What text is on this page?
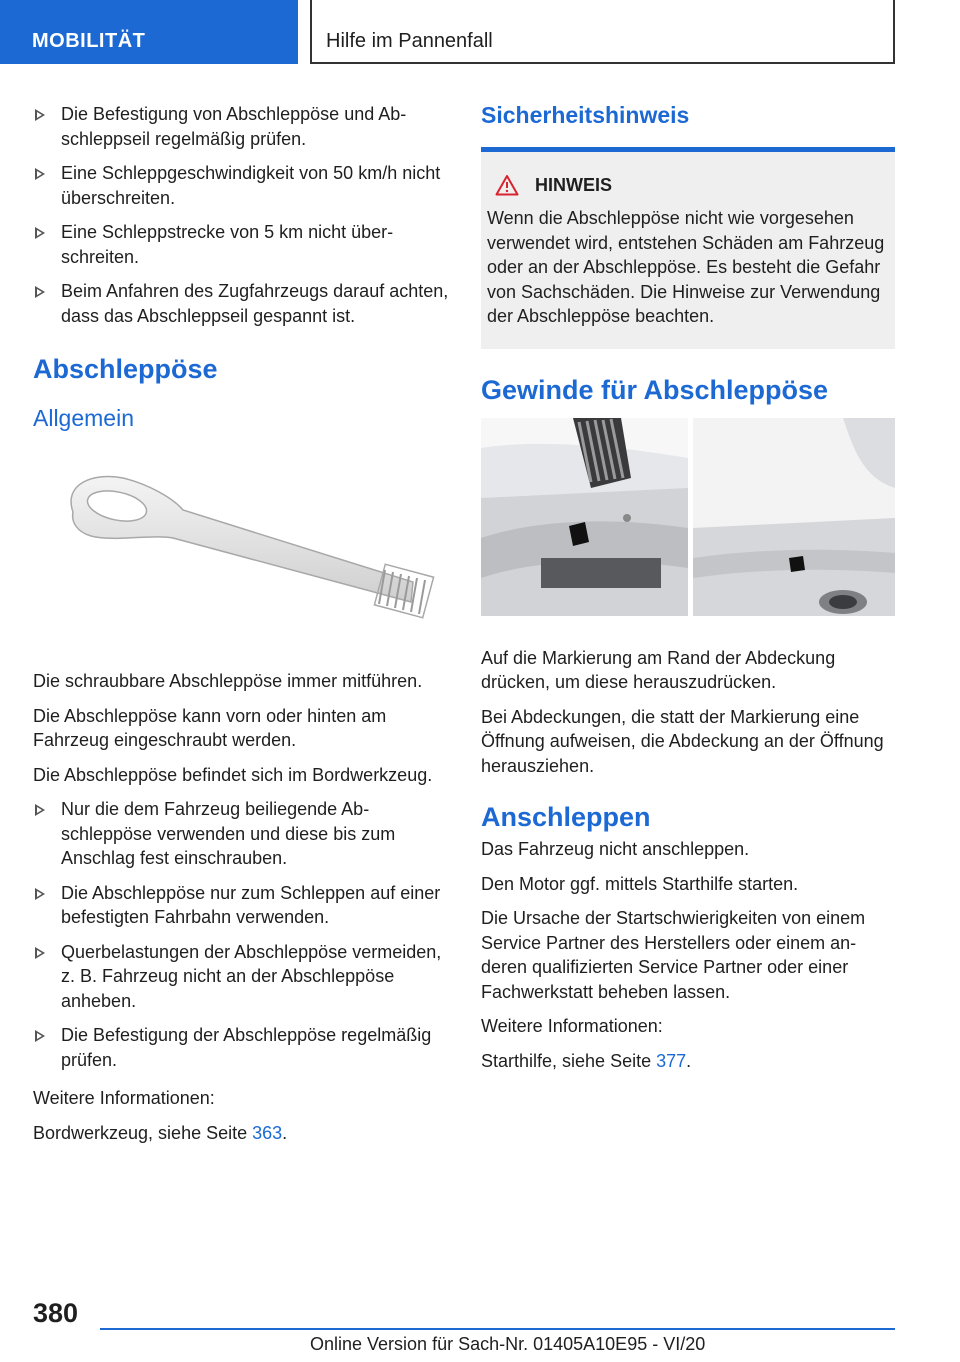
MOBILITÄT	Hilfe im Pannenfall
Die Befestigung von Abschleppöse und Abschleppseil regelmäßig prüfen.
Eine Schleppgeschwindigkeit von 50 km/h nicht überschreiten.
Eine Schleppstrecke von 5 km nicht überschreiten.
Beim Anfahren des Zugfahrzeugs darauf achten, dass das Abschleppseil gespannt ist.
Abschleppöse
Allgemein

Die schraubbare Abschleppöse immer mitführen.

Die Abschleppöse kann vorn oder hinten am Fahrzeug eingeschraubt werden.

Die Abschleppöse befindet sich im Bordwerkzeug.

Nur die dem Fahrzeug beiliegende Abschleppöse verwenden und diese bis zum Anschlag fest einschrauben.
Die Abschleppöse nur zum Schleppen auf einer befestigten Fahrbahn verwenden.
Querbelastungen der Abschleppöse vermeiden, z. B. Fahrzeug nicht an der Abschleppöse anheben.
Die Befestigung der Abschleppöse regelmäßig prüfen.

Weitere Informationen:

Bordwerkzeug, siehe Seite 363.

Sicherheitshinweis
HINWEIS

Wenn die Abschleppöse nicht wie vorgesehen verwendet wird, entstehen Schäden am Fahrzeug oder an der Abschleppöse. Es besteht die Gefahr von Sachschäden. Die Hinweise zur Verwendung der Abschleppöse beachten.

Gewinde für Abschleppöse

Auf die Markierung am Rand der Abdeckung drücken, um diese herauszudrücken.

Bei Abdeckungen, die statt der Markierung eine Öffnung aufweisen, die Abdeckung an der Öffnung herausziehen.

Anschleppen

Das Fahrzeug nicht anschleppen.

Den Motor ggf. mittels Starthilfe starten.

Die Ursache der Startschwierigkeiten von einem Service Partner des Herstellers oder einem anderen qualifizierten Service Partner oder einer Fachwerkstatt beheben lassen.

Weitere Informationen:

Starthilfe, siehe Seite 377.

380
Online Version für Sach-Nr. 01405A10E95 - VI/20
